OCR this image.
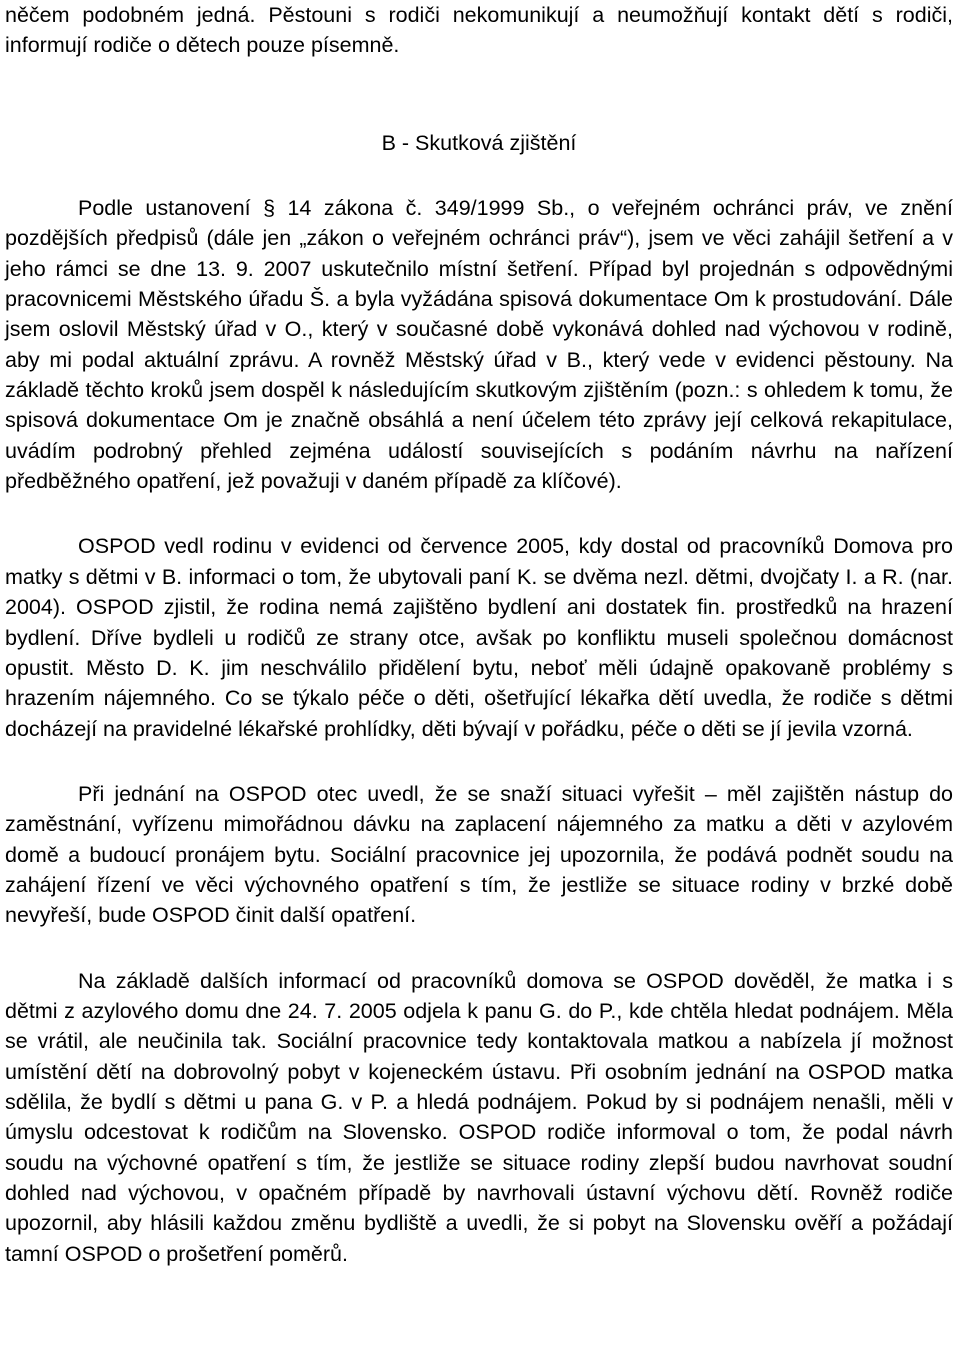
něčem podobném jedná. Pěstouni s rodiči nekomunikují a neumožňují kontakt dětí s rodiči, informují rodiče o dětech pouze písemně.

B - Skutková zjištění

Podle ustanovení § 14 zákona č. 349/1999 Sb., o veřejném ochránci práv, ve znění pozdějších předpisů (dále jen „zákon o veřejném ochránci práv“), jsem ve věci zahájil šetření a v jeho rámci se dne 13. 9. 2007 uskutečnilo místní šetření. Případ byl projednán s odpovědnými pracovnicemi Městského úřadu Š. a byla vyžádána spisová dokumentace Om k prostudování. Dále jsem oslovil Městský úřad v O., který v současné době vykonává dohled nad výchovou v rodině, aby mi podal aktuální zprávu. A rovněž Městský úřad v B., který vede v evidenci pěstouny. Na základě těchto kroků jsem dospěl k následujícím skutkovým zjištěním (pozn.: s ohledem k tomu, že spisová dokumentace Om je značně obsáhlá a není účelem této zprávy její celková rekapitulace, uvádím podrobný přehled zejména událostí souvisejících s podáním návrhu na nařízení předběžného opatření, jež považuji v daném případě za klíčové).

OSPOD vedl rodinu v evidenci od července 2005, kdy dostal od pracovníků Domova pro matky s dětmi v B. informaci o tom, že ubytovali paní K. se dvěma nezl. dětmi, dvojčaty I. a R. (nar. 2004). OSPOD zjistil, že rodina nemá zajištěno bydlení ani dostatek fin. prostředků na hrazení bydlení. Dříve bydleli u rodičů ze strany otce, avšak po konfliktu museli společnou domácnost opustit. Město D. K. jim neschválilo přidělení bytu, neboť měli údajně opakovaně problémy s hrazením nájemného. Co se týkalo péče o děti, ošetřující lékařka dětí uvedla, že rodiče s dětmi docházejí na pravidelné lékařské prohlídky, děti bývají v pořádku, péče o děti se jí jevila vzorná.

Při jednání na OSPOD otec uvedl, že se snaží situaci vyřešit – měl zajištěn nástup do zaměstnání, vyřízenu mimořádnou dávku na zaplacení nájemného za matku a děti v azylovém domě a budoucí pronájem bytu. Sociální pracovnice jej upozornila, že podává podnět soudu na zahájení řízení ve věci výchovného opatření s tím, že jestliže se situace rodiny v brzké době nevyřeší, bude OSPOD činit další opatření.

Na základě dalších informací od pracovníků domova se OSPOD dověděl, že matka i s dětmi z azylového domu dne 24. 7. 2005 odjela k panu G. do P., kde chtěla hledat podnájem. Měla se vrátil, ale neučinila tak. Sociální pracovnice tedy kontaktovala matkou a nabízela jí možnost umístění dětí na dobrovolný pobyt v kojeneckém ústavu. Při osobním jednání na OSPOD matka sdělila, že bydlí s dětmi u pana G. v P. a hledá podnájem. Pokud by si podnájem nenašli, měli v úmyslu odcestovat k rodičům na Slovensko. OSPOD rodiče informoval o tom, že podal návrh soudu na výchovné opatření s tím, že jestliže se situace rodiny zlepší budou navrhovat soudní dohled nad výchovou, v opačném případě by navrhovali ústavní výchovu dětí. Rovněž rodiče upozornil, aby hlásili každou změnu bydliště a uvedli, že si pobyt na Slovensku ověří a požádají tamní OSPOD o prošetření poměrů.
